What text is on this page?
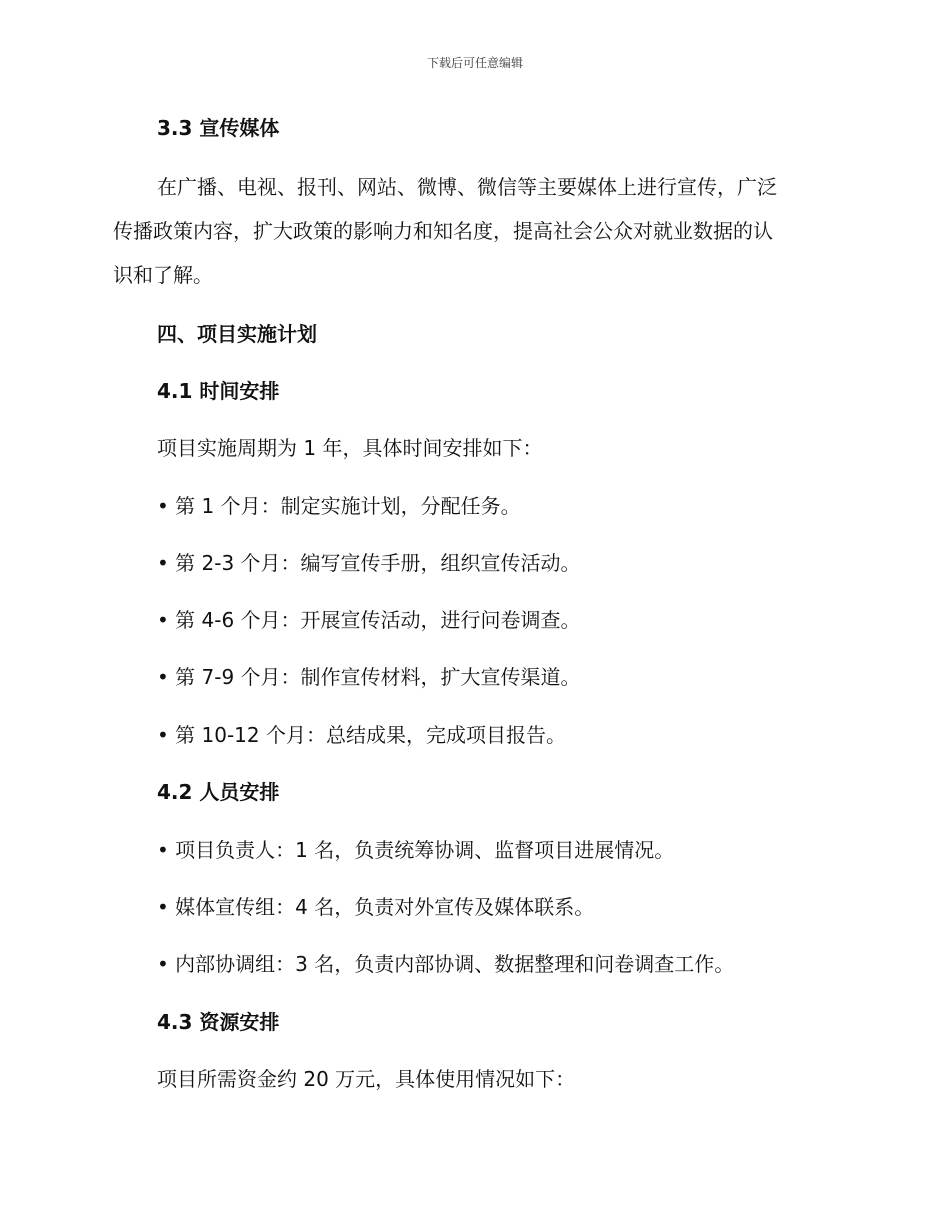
下载后可任意编辑
3.3 宣传媒体
在广播、电视、报刊、网站、微博、微信等主要媒体上进行宣传，广泛
传播政策内容，扩大政策的影响力和知名度，提高社会公众对就业数据的认
识和了解。
四、项目实施计划
4.1 时间安排
项目实施周期为 1 年，具体时间安排如下：
• 第 1 个月：制定实施计划，分配任务。
• 第 2-3 个月：编写宣传手册，组织宣传活动。
• 第 4-6 个月：开展宣传活动，进行问卷调查。
• 第 7-9 个月：制作宣传材料，扩大宣传渠道。
• 第 10-12 个月：总结成果，完成项目报告。
4.2 人员安排
• 项目负责人：1 名，负责统筹协调、监督项目进展情况。
• 媒体宣传组：4 名，负责对外宣传及媒体联系。
• 内部协调组：3 名，负责内部协调、数据整理和问卷调查工作。
4.3 资源安排
项目所需资金约 20 万元，具体使用情况如下：
